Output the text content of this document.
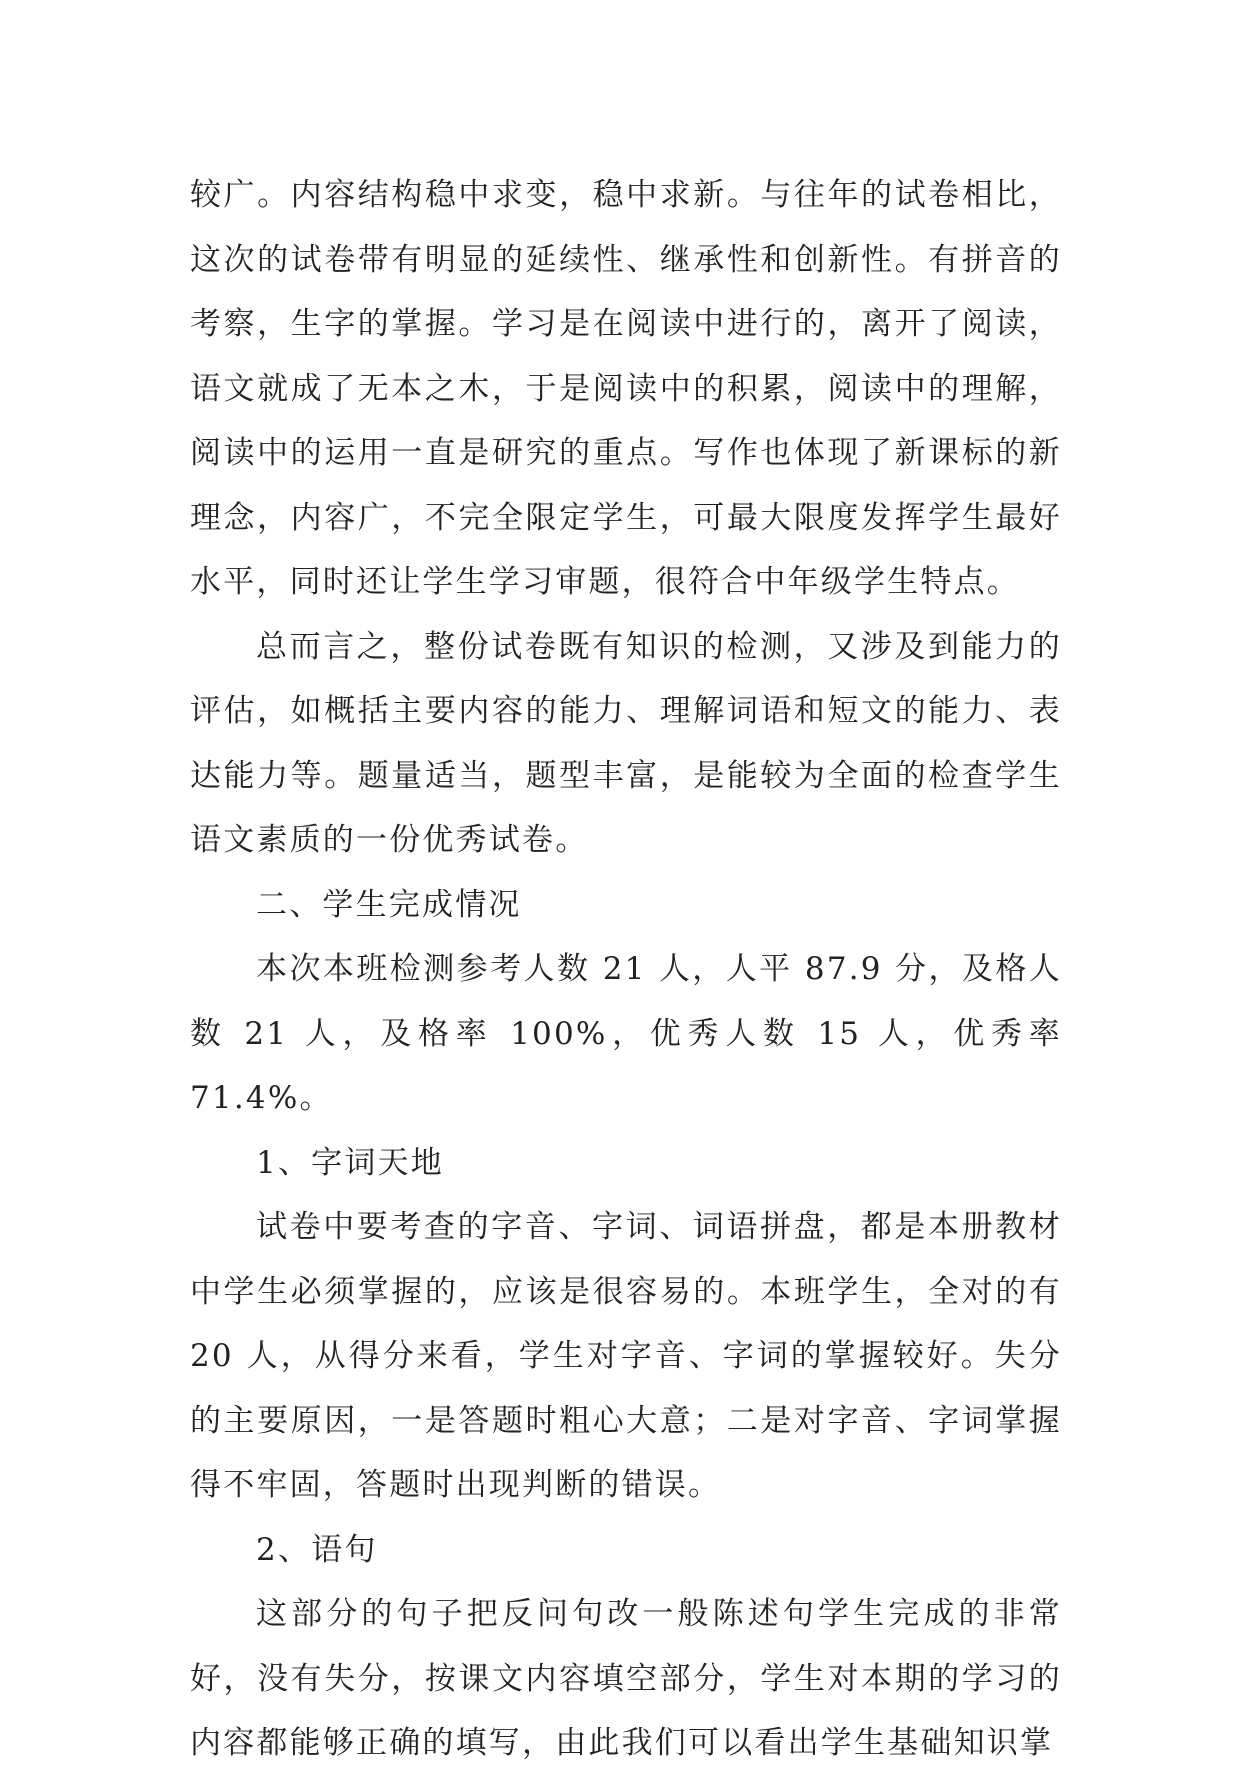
较广。内容结构稳中求变，稳中求新。与往年的试卷相比，这次的试卷带有明显的延续性、继承性和创新性。有拼音的考察，生字的掌握。学习是在阅读中进行的，离开了阅读，语文就成了无本之木，于是阅读中的积累，阅读中的理解，阅读中的运用一直是研究的重点。写作也体现了新课标的新理念，内容广，不完全限定学生，可最大限度发挥学生最好水平，同时还让学生学习审题，很符合中年级学生特点。

总而言之，整份试卷既有知识的检测，又涉及到能力的评估，如概括主要内容的能力、理解词语和短文的能力、表达能力等。题量适当，题型丰富，是能较为全面的检查学生语文素质的一份优秀试卷。

二、学生完成情况

本次本班检测参考人数 21 人，人平 87.9 分，及格人数 21 人，及格率 100%，优秀人数 15 人，优秀率 71.4%。

1、字词天地

试卷中要考查的字音、字词、词语拼盘，都是本册教材中学生必须掌握的，应该是很容易的。本班学生，全对的有 20 人，从得分来看，学生对字音、字词的掌握较好。失分的主要原因，一是答题时粗心大意；二是对字音、字词掌握得不牢固，答题时出现判断的错误。

2、语句

这部分的句子把反问句改一般陈述句学生完成的非常好，没有失分，按课文内容填空部分，学生对本期的学习的内容都能够正确的填写，由此我们可以看出学生基础知识掌
